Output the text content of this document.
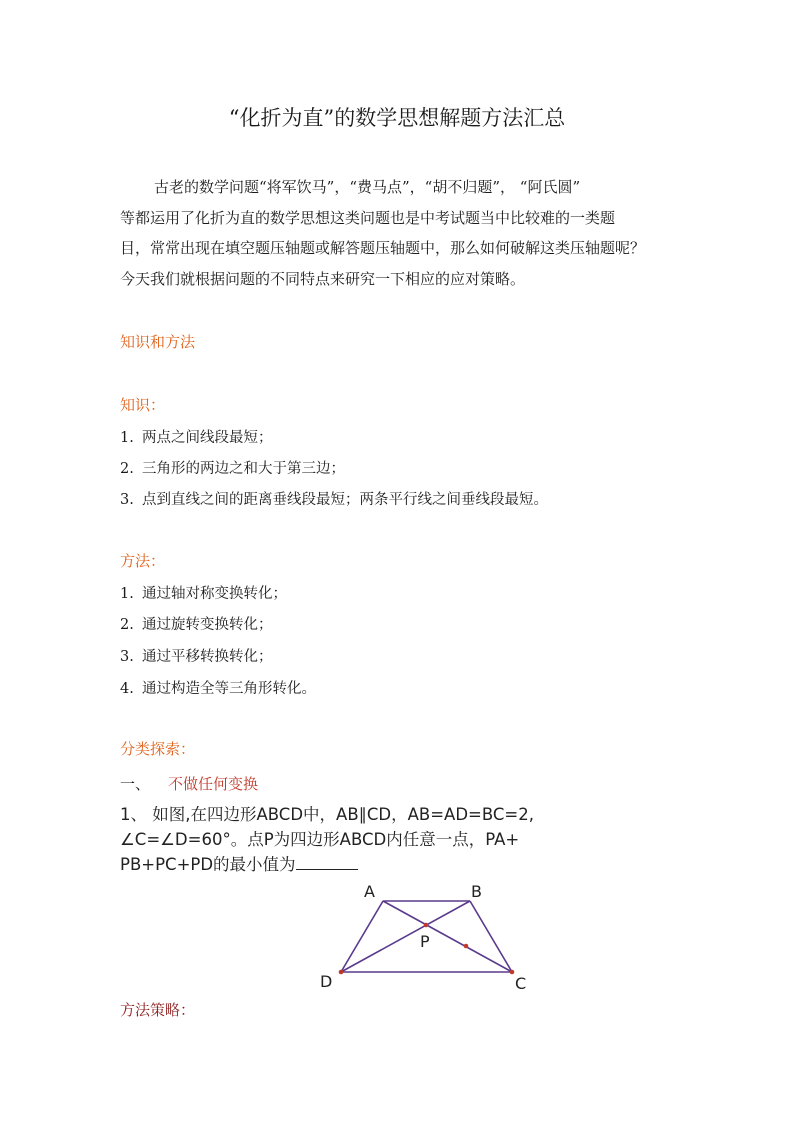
“化折为直”的数学思想解题方法汇总
古老的数学问题“将军饮马”，“费马点”，“胡不归题”， “阿氏圆”
等都运用了化折为直的数学思想这类问题也是中考试题当中比较难的一类题
目，常常出现在填空题压轴题或解答题压轴题中，那么如何破解这类压轴题呢？
今天我们就根据问题的不同特点来研究一下相应的应对策略。
知识和方法
知识：
1. 两点之间线段最短；
2. 三角形的两边之和大于第三边；
3. 点到直线之间的距离垂线段最短；两条平行线之间垂线段最短。
方法：
1. 通过轴对称变换转化；
2. 通过旋转变换转化；
3. 通过平移转换转化；
4. 通过构造全等三角形转化。
分类探索：
一、 不做任何变换
1、 如图,在四边形ABCD中，AB∥CD，AB=AD=BC=2,
∠C=∠D=60°。点P为四边形ABCD内任意一点，PA+
PB+PC+PD的最小值为
A	B
P
D	C
方法策略：
